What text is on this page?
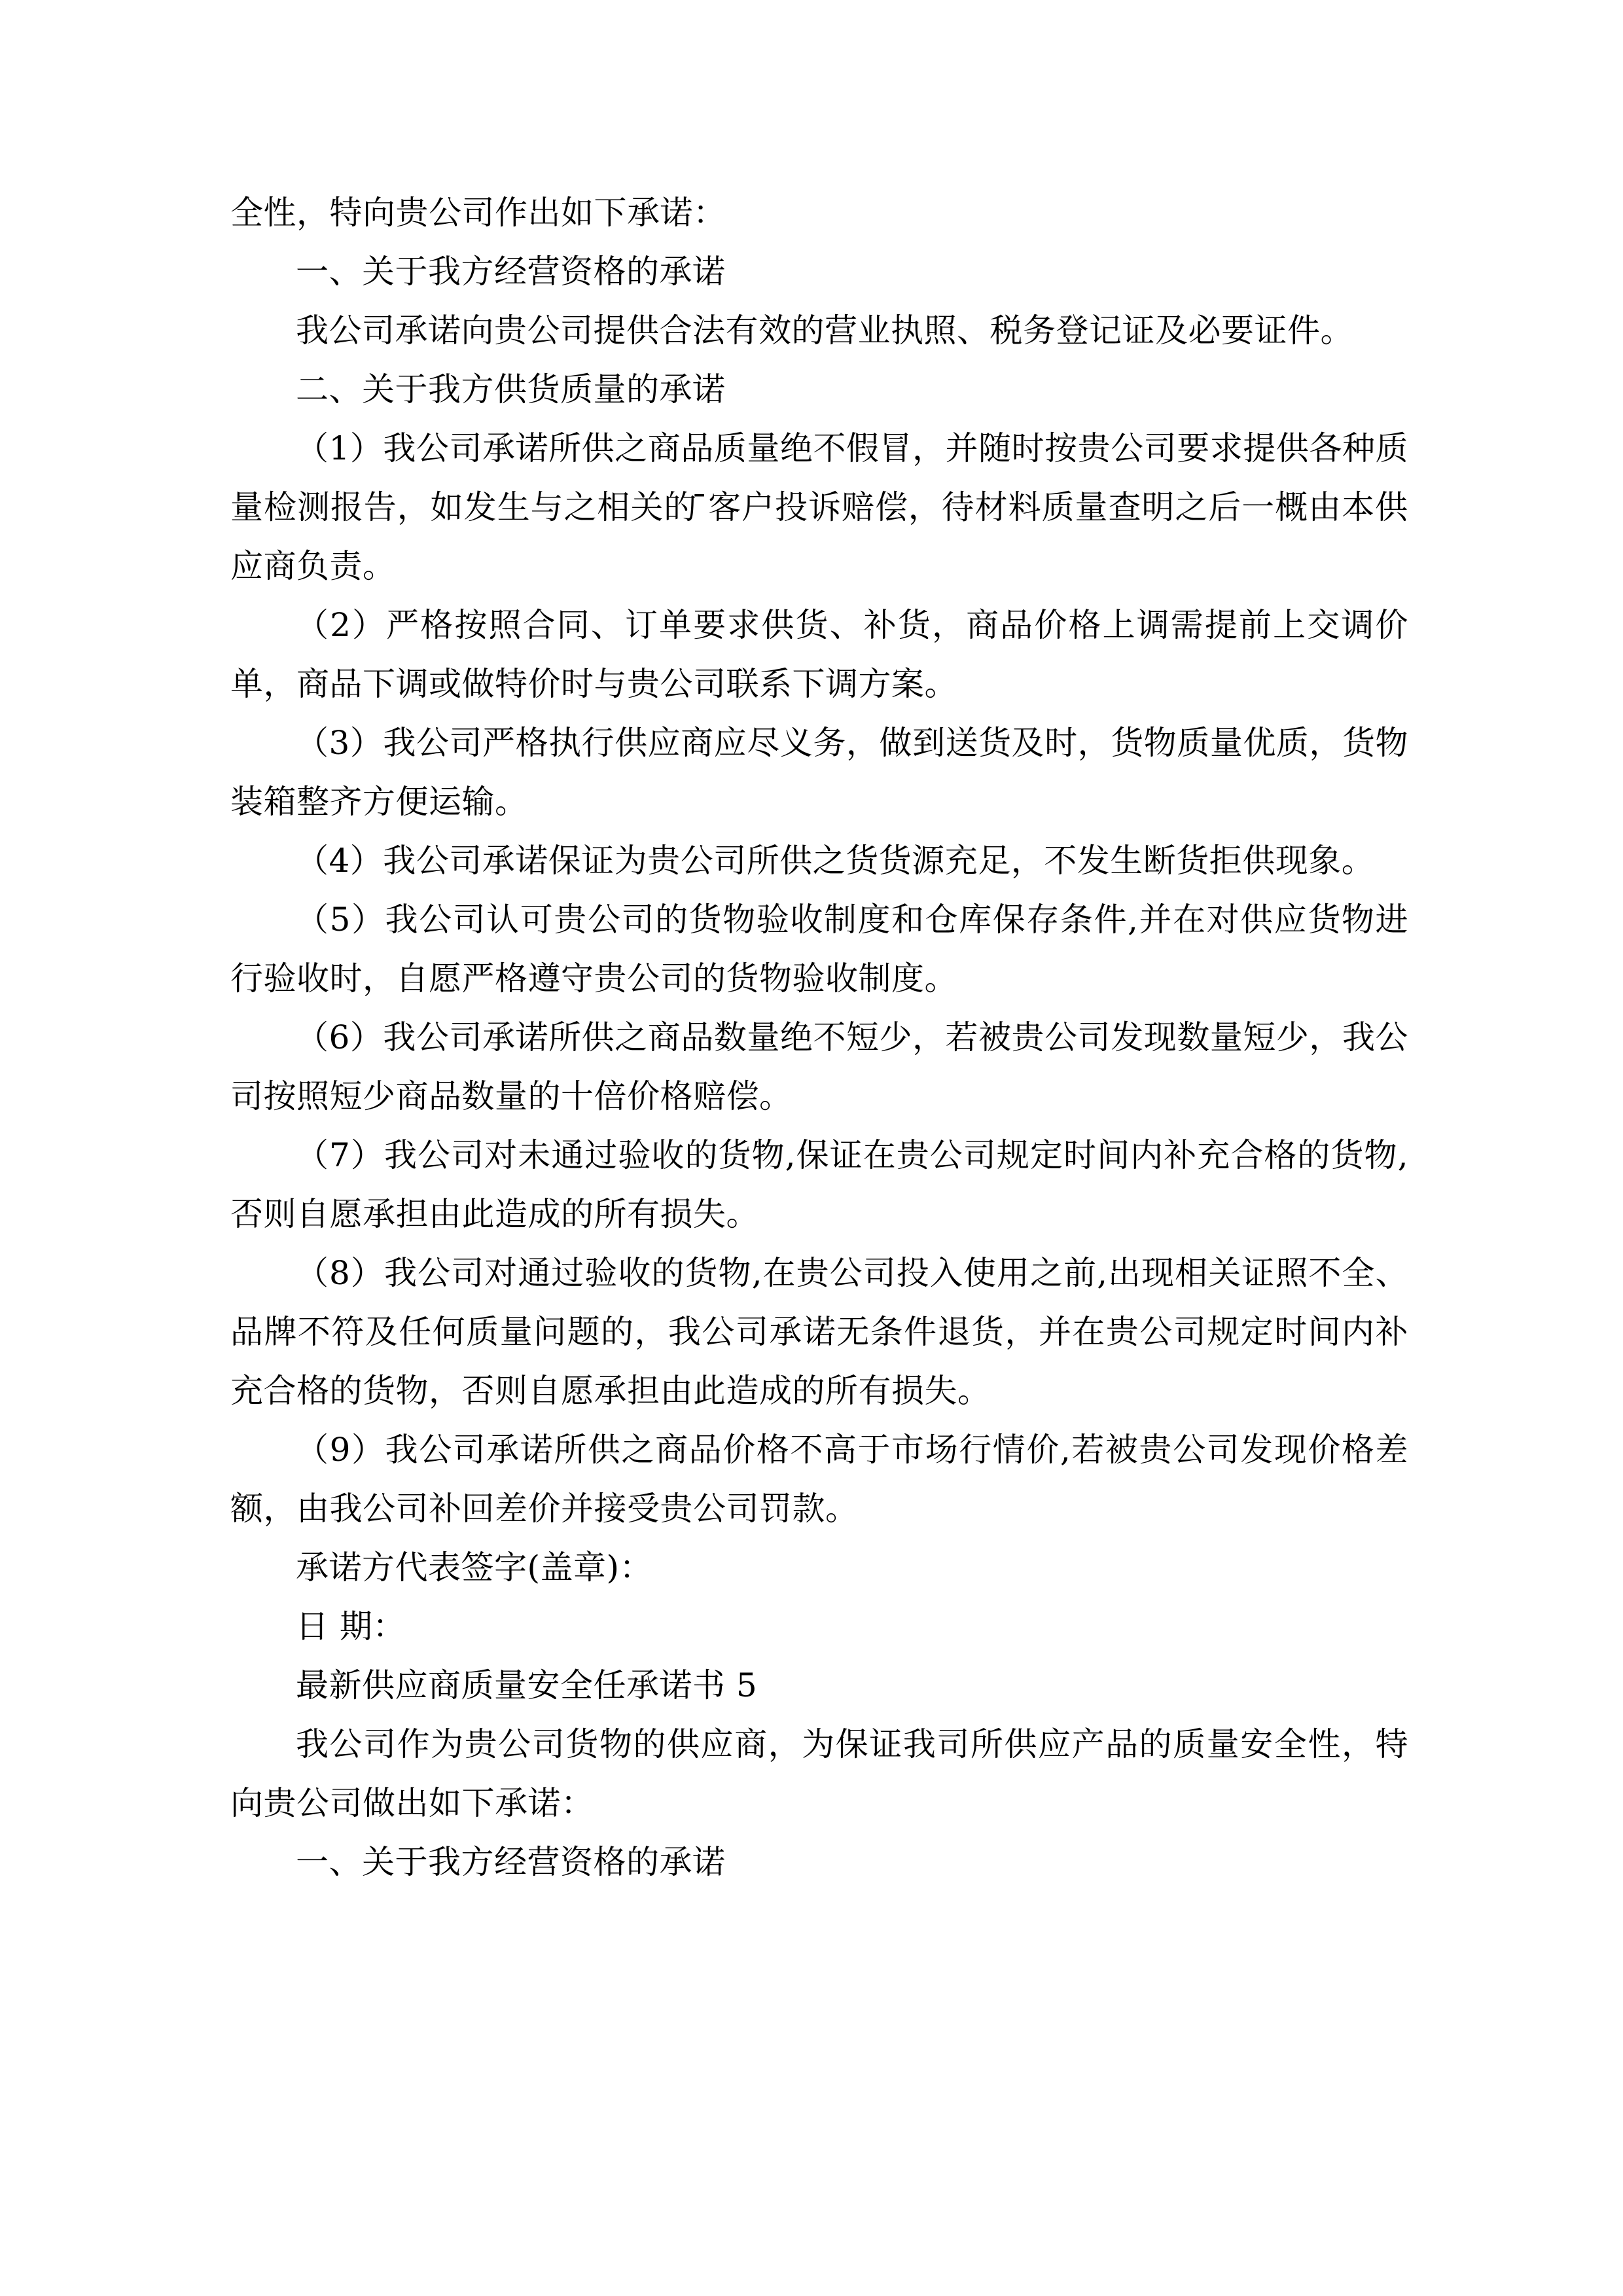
全性，特向贵公司作出如下承诺：

一、关于我方经营资格的承诺

我公司承诺向贵公司提供合法有效的营业执照、税务登记证及必要证件。

二、关于我方供货质量的承诺

（1）我公司承诺所供之商品质量绝不假冒，并随时按贵公司要求提供各种质量检测报告，如发生与之相关的 ̄客户投诉赔偿，待材料质量查明之后一概由本供应商负责。

（2）严格按照合同、订单要求供货、补货，商品价格上调需提前上交调价单，商品下调或做特价时与贵公司联系下调方案。

（3）我公司严格执行供应商应尽义务，做到送货及时，货物质量优质，货物装箱整齐方便运输。

（4）我公司承诺保证为贵公司所供之货货源充足，不发生断货拒供现象。

（5）我公司认可贵公司的货物验收制度和仓库保存条件,并在对供应货物进行验收时，自愿严格遵守贵公司的货物验收制度。

（6）我公司承诺所供之商品数量绝不短少，若被贵公司发现数量短少，我公司按照短少商品数量的十倍价格赔偿。

（7）我公司对未通过验收的货物,保证在贵公司规定时间内补充合格的货物,否则自愿承担由此造成的所有损失。

（8）我公司对通过验收的货物,在贵公司投入使用之前,出现相关证照不全、品牌不符及任何质量问题的，我公司承诺无条件退货，并在贵公司规定时间内补充合格的货物，否则自愿承担由此造成的所有损失。

（9）我公司承诺所供之商品价格不高于市场行情价,若被贵公司发现价格差额，由我公司补回差价并接受贵公司罚款。

承诺方代表签字(盖章)：

日 期：

最新供应商质量安全任承诺书 5

我公司作为贵公司货物的供应商，为保证我司所供应产品的质量安全性，特向贵公司做出如下承诺：

一、关于我方经营资格的承诺
